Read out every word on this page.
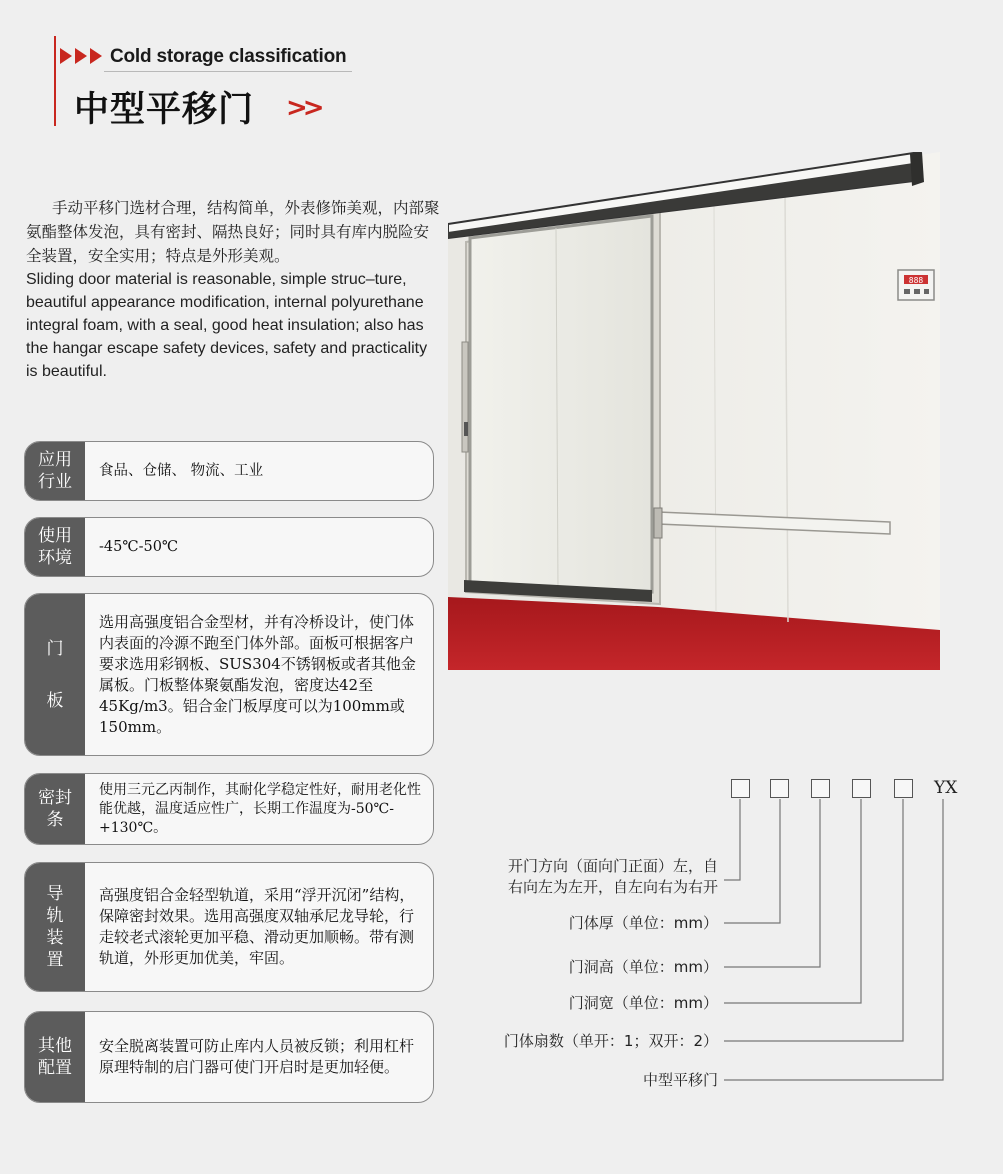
Cold storage classification
中型平移门 >>

手动平移门选材合理，结构简单，外表修饰美观，内部聚氨酯整体发泡，具有密封、隔热良好；同时具有库内脱险安全装置，安全实用；特点是外形美观。

Sliding door material is reasonable, simple struc–ture, beautiful appearance modification, internal polyurethane integral foam, with a seal, good heat insulation; also has the hangar escape safety devices, safety and practicality is beautiful.

888
应用行业
食品、仓储、 物流、工业
使用环境
-45℃-50℃
门　板
选用高强度铝合金型材，并有冷桥设计，使门体内表面的冷源不跑至门体外部。面板可根据客户要求选用彩钢板、SUS304不锈钢板或者其他金属板。门板整体聚氨酯发泡，密度达42至45Kg/m3。铝合金门板厚度可以为100mm或150mm。
密封条
使用三元乙丙制作，其耐化学稳定性好，耐用老化性能优越，温度适应性广，长期工作温度为-50℃-+130℃。
导轨装置
高强度铝合金轻型轨道，采用“浮开沉闭”结构，保障密封效果。选用高强度双轴承尼龙导轮，行走较老式滚轮更加平稳、滑动更加顺畅。带有测轨道，外形更加优美，牢固。
其他配置
安全脱离装置可防止库内人员被反锁；利用杠杆原理特制的启门器可使门开启时是更加轻便。
YX
开门方向（面向门正面）左，自
右向左为左开，自左向右为右开
门体厚（单位：mm）
门洞高（单位：mm）
门洞宽（单位：mm）
门体扇数（单开：1；双开：2）
中型平移门
